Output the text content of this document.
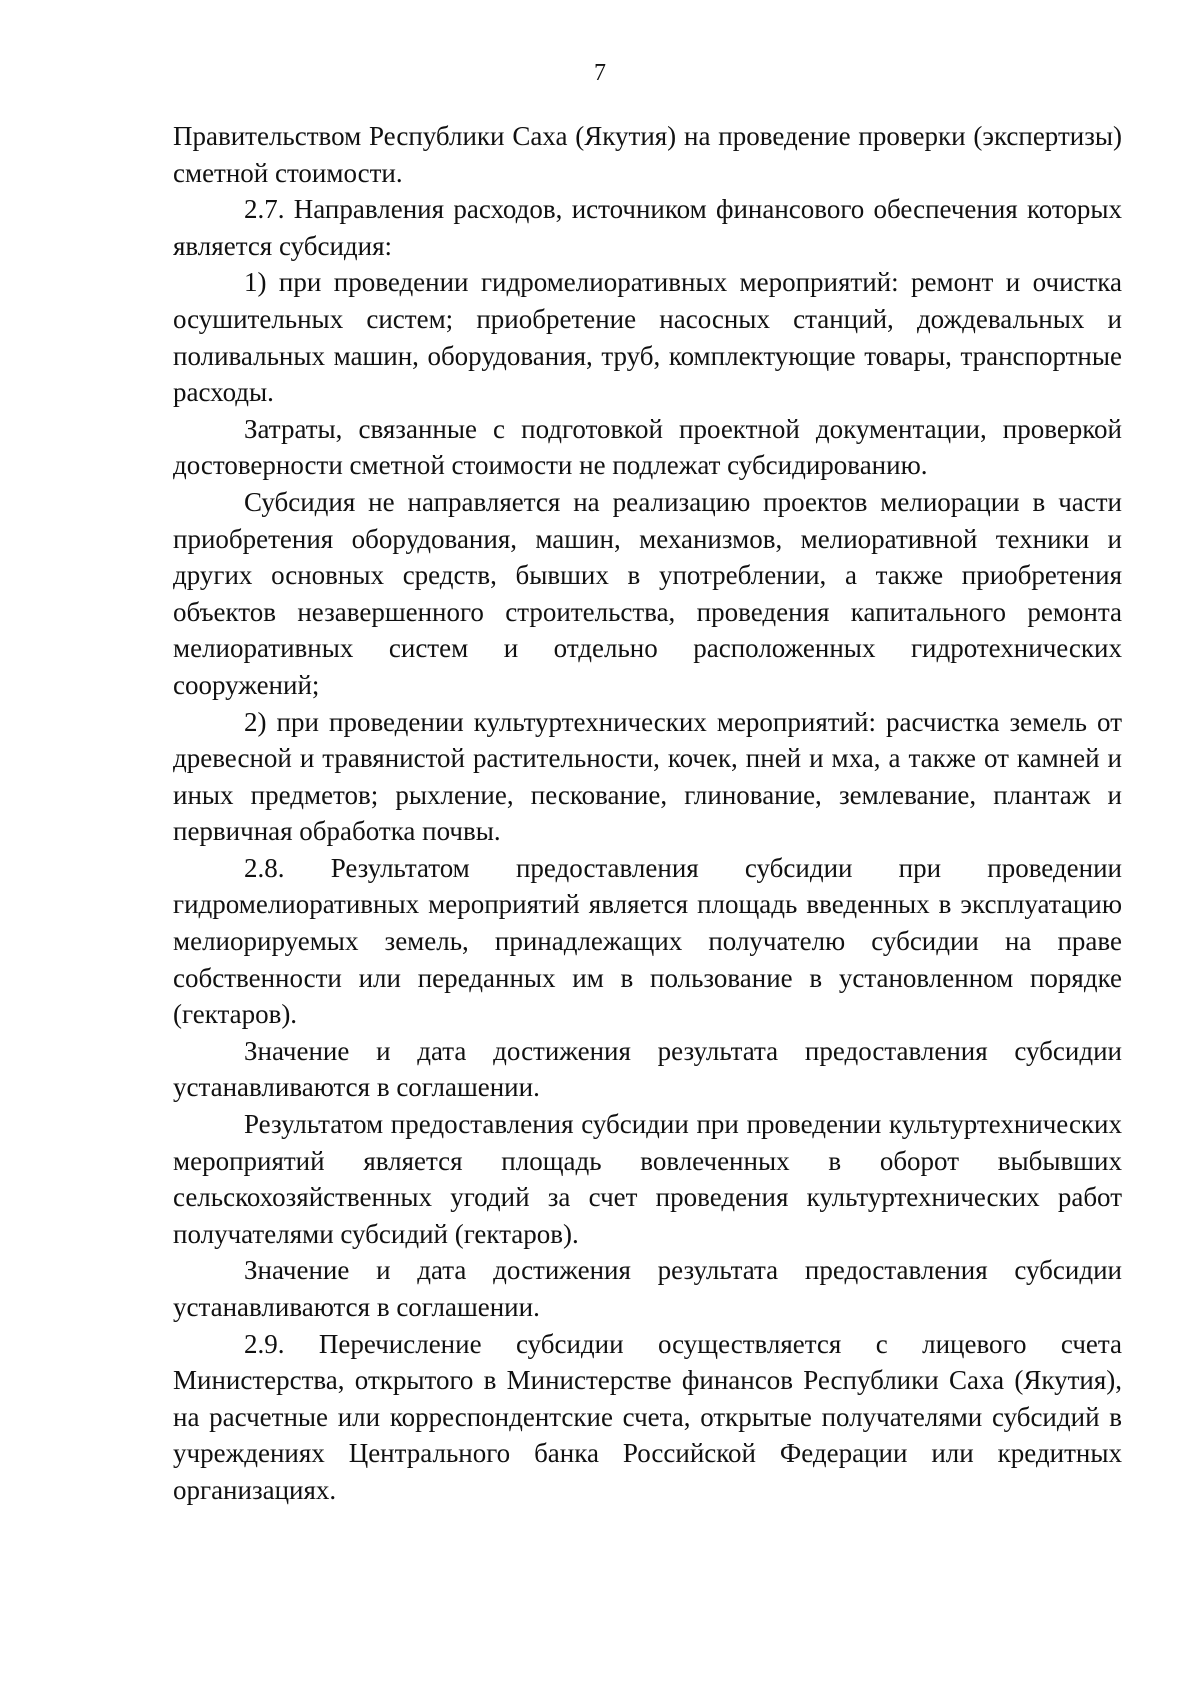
7

Правительством Республики Саха (Якутия) на проведение проверки (экспертизы) сметной стоимости.

2.7. Направления расходов, источником финансового обеспечения которых является субсидия:

1) при проведении гидромелиоративных мероприятий: ремонт и очистка осушительных систем; приобретение насосных станций, дождевальных и поливальных машин, оборудования, труб, комплектующие товары, транспортные расходы.

Затраты, связанные с подготовкой проектной документации, проверкой достоверности сметной стоимости не подлежат субсидированию.

Субсидия не направляется на реализацию проектов мелиорации в части приобретения оборудования, машин, механизмов, мелиоративной техники и других основных средств, бывших в употреблении, а также приобретения объектов незавершенного строительства, проведения капитального ремонта мелиоративных систем и отдельно расположенных гидротехнических сооружений;

2) при проведении культуртехнических мероприятий: расчистка земель от древесной и травянистой растительности, кочек, пней и мха, а также от камней и иных предметов; рыхление, пескование, глинование, землевание, плантаж и первичная обработка почвы.

2.8. Результатом предоставления субсидии при проведении гидромелиоративных мероприятий является площадь введенных в эксплуатацию мелиорируемых земель, принадлежащих получателю субсидии на праве собственности или переданных им в пользование в установленном порядке (гектаров).

Значение и дата достижения результата предоставления субсидии устанавливаются в соглашении.

Результатом предоставления субсидии при проведении культуртехнических мероприятий является площадь вовлеченных в оборот выбывших сельскохозяйственных угодий за счет проведения культуртехнических работ получателями субсидий (гектаров).

Значение и дата достижения результата предоставления субсидии устанавливаются в соглашении.

2.9. Перечисление субсидии осуществляется с лицевого счета Министерства, открытого в Министерстве финансов Республики Саха (Якутия), на расчетные или корреспондентские счета, открытые получателями субсидий в учреждениях Центрального банка Российской Федерации или кредитных организациях.
